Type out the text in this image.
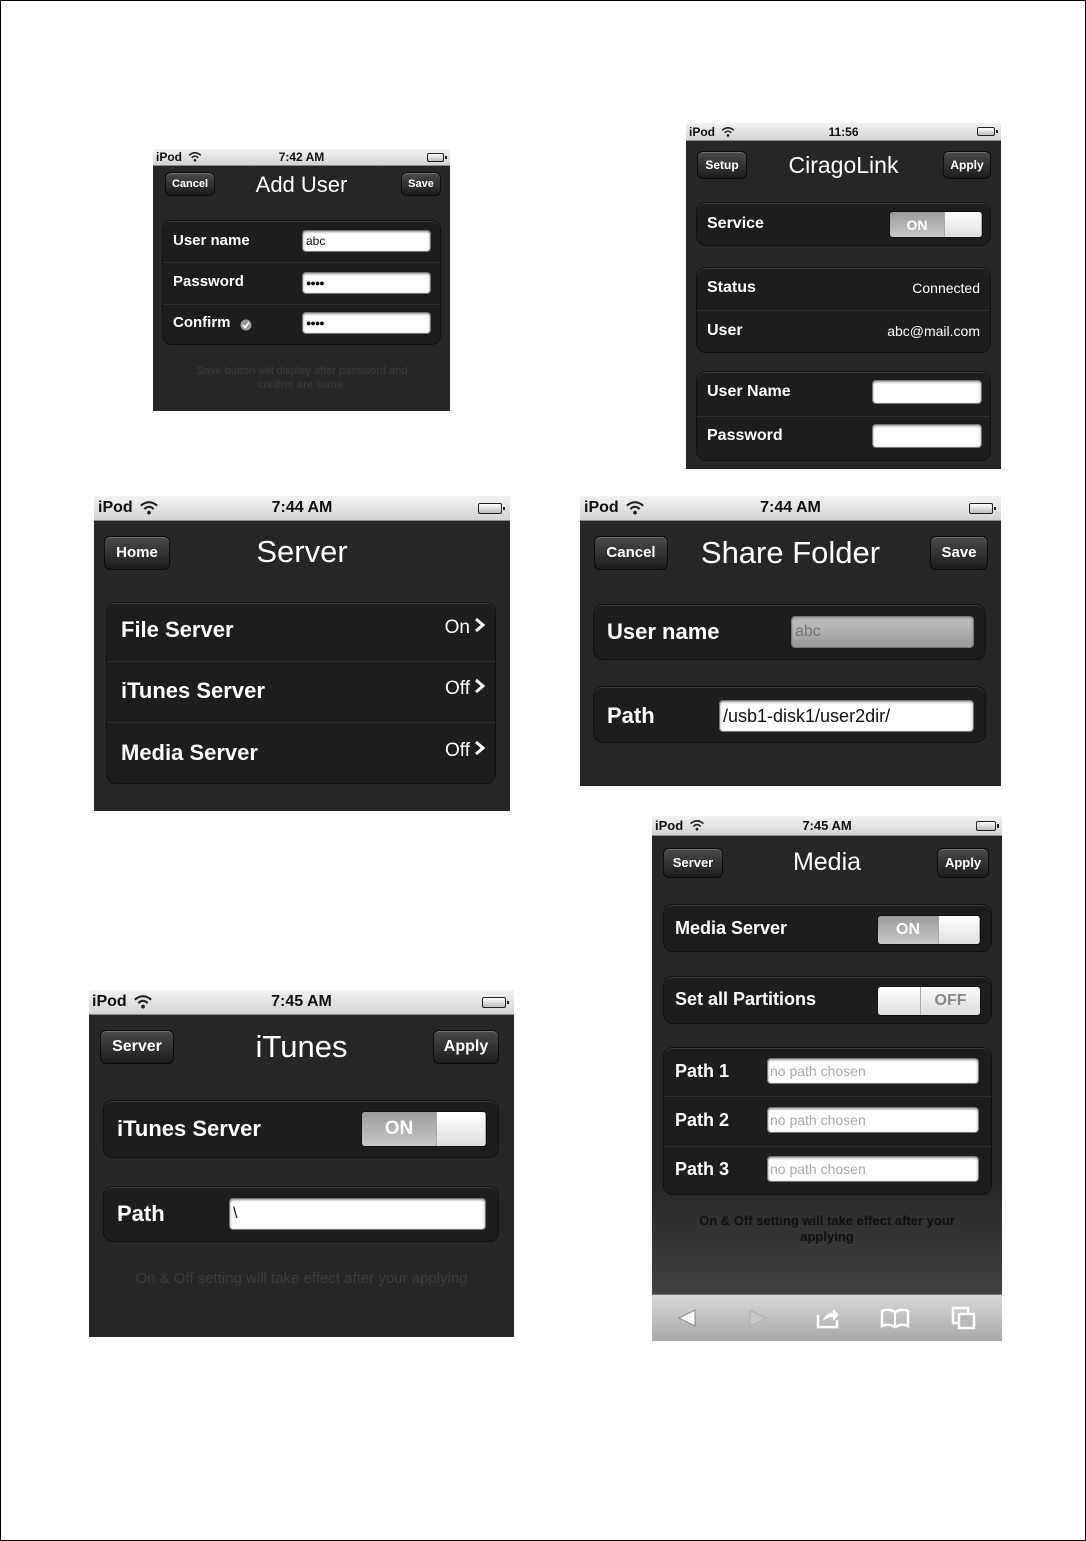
iPod	7:42 AM
Cancel	Add User	Save
User name	abc
Password	●●●●
Confirm	●●●●
Save button will display after password and confirm are same.
iPod	11:56
Setup	CiragoLink	Apply
Service	ON
Status	Connected
User	abc@mail.com
User Name
Password
iPod	7:44 AM
Home	Server
File Server	On
iTunes Server	Off
Media Server	Off
iPod	7:44 AM
Cancel	Share Folder	Save
User name	abc
Path	/usb1-disk1/user2dir/
iPod	7:45 AM
Server	Media	Apply
Media Server	ON
Set all Partitions	OFF
Path 1	no path chosen
Path 2	no path chosen
Path 3	no path chosen
On & Off setting will take effect after your applying
iPod	7:45 AM
Server	iTunes	Apply
iTunes Server	ON
Path	\
On & Off setting will take effect after your applying
